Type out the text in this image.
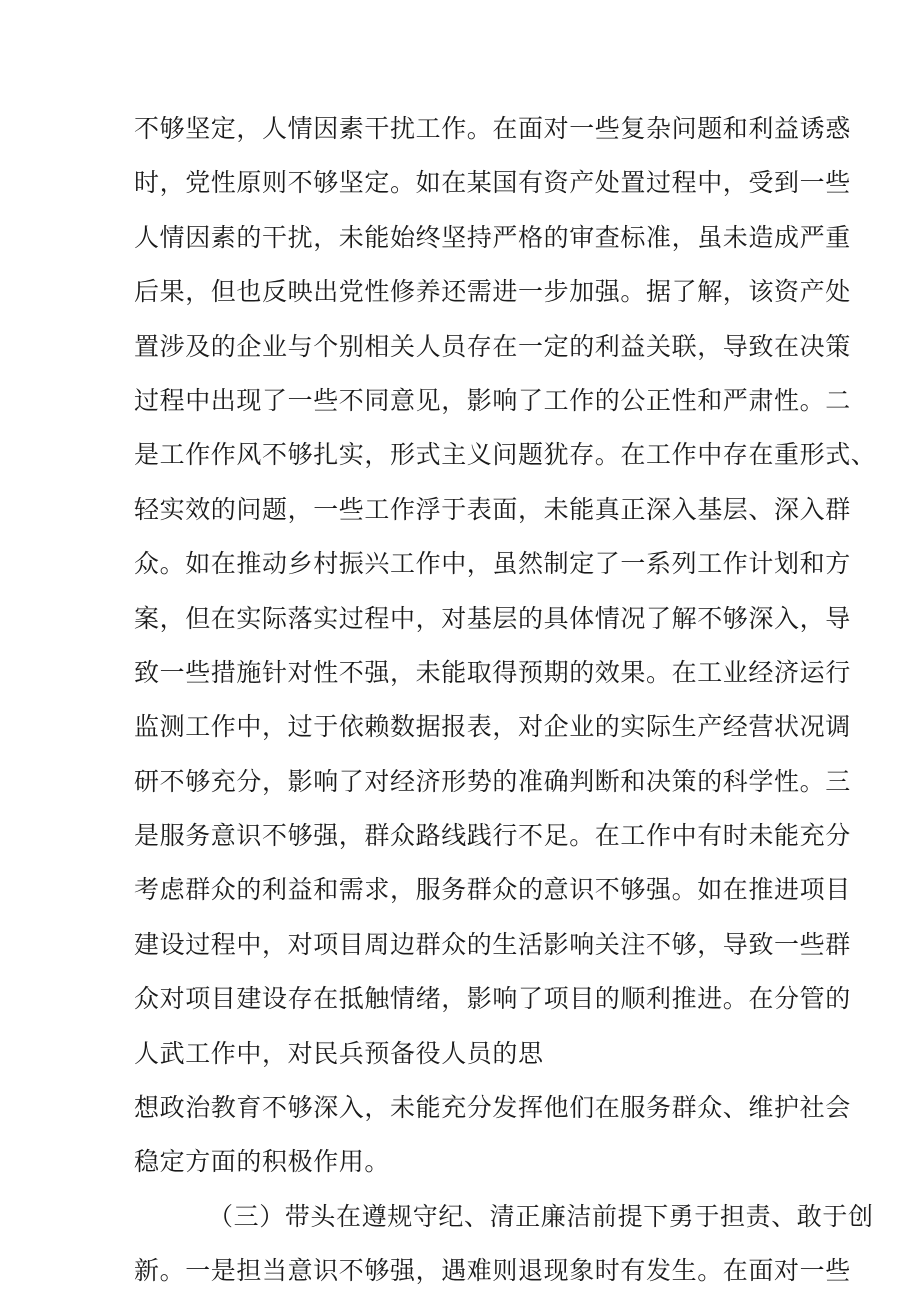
不够坚定，人情因素干扰工作。在面对一些复杂问题和利益诱惑
时，党性原则不够坚定。如在某国有资产处置过程中，受到一些
人情因素的干扰，未能始终坚持严格的审查标准，虽未造成严重
后果，但也反映出党性修养还需进一步加强。据了解，该资产处
置涉及的企业与个别相关人员存在一定的利益关联，导致在决策
过程中出现了一些不同意见，影响了工作的公正性和严肃性。二
是工作作风不够扎实，形式主义问题犹存。在工作中存在重形式、
轻实效的问题，一些工作浮于表面，未能真正深入基层、深入群
众。如在推动乡村振兴工作中，虽然制定了一系列工作计划和方
案，但在实际落实过程中，对基层的具体情况了解不够深入，导
致一些措施针对性不强，未能取得预期的效果。在工业经济运行
监测工作中，过于依赖数据报表，对企业的实际生产经营状况调
研不够充分，影响了对经济形势的准确判断和决策的科学性。三
是服务意识不够强，群众路线践行不足。在工作中有时未能充分
考虑群众的利益和需求，服务群众的意识不够强。如在推进项目
建设过程中，对项目周边群众的生活影响关注不够，导致一些群
众对项目建设存在抵触情绪，影响了项目的顺利推进。在分管的
人武工作中，对民兵预备役人员的思
想政治教育不够深入，未能充分发挥他们在服务群众、维护社会
稳定方面的积极作用。
（三）带头在遵规守纪、清正廉洁前提下勇于担责、敢于创
新。一是担当意识不够强，遇难则退现象时有发生。在面对一些
